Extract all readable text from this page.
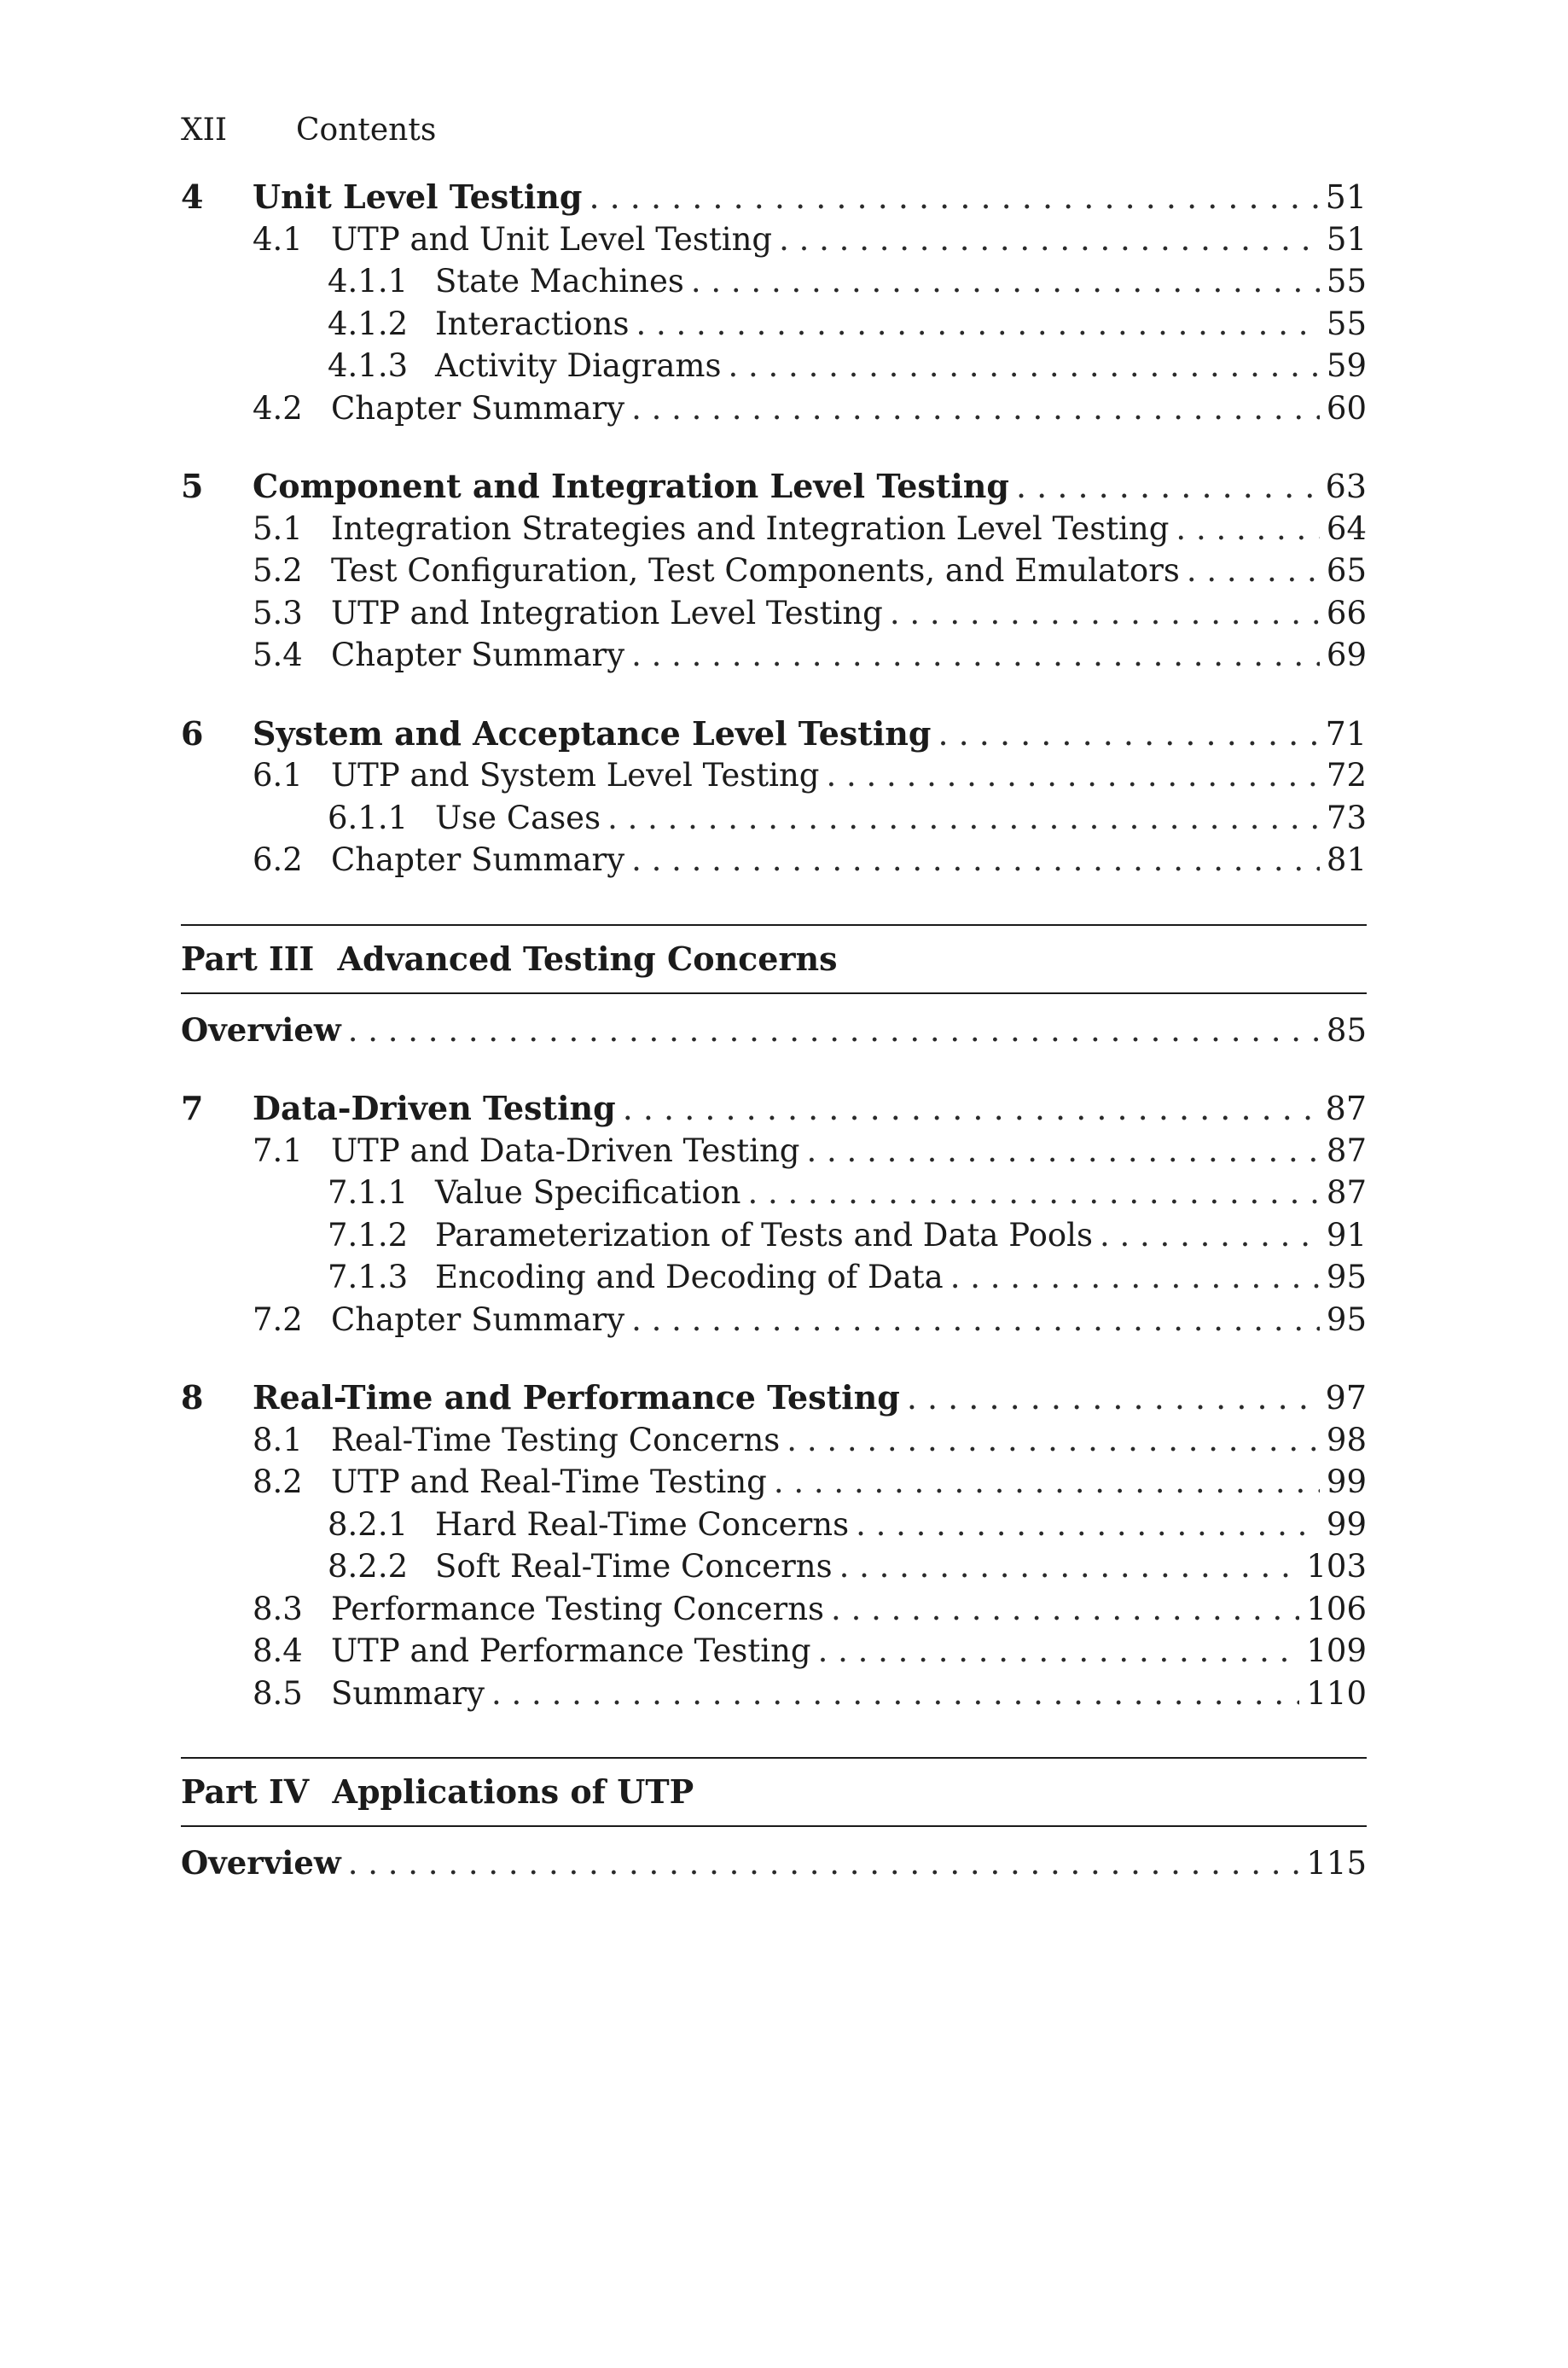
XII	Contents
4	Unit Level Testing . . .	51
4.1 UTP and Unit Level Testing . . .	51
4.1.1 State Machines . . .	55
4.1.2 Interactions . . .	55
4.1.3 Activity Diagrams . . .	59
4.2 Chapter Summary . . .	60
5	Component and Integration Level Testing . . .	63
5.1 Integration Strategies and Integration Level Testing . . .	64
5.2 Test Configuration, Test Components, and Emulators . . .	65
5.3 UTP and Integration Level Testing . . .	66
5.4 Chapter Summary . . .	69
6	System and Acceptance Level Testing . . .	71
6.1 UTP and System Level Testing . . .	72
6.1.1 Use Cases . . .	73
6.2 Chapter Summary . . .	81
Part III Advanced Testing Concerns
Overview . . .	85
7	Data-Driven Testing . . .	87
7.1 UTP and Data-Driven Testing . . .	87
7.1.1 Value Specification . . .	87
7.1.2 Parameterization of Tests and Data Pools . . .	91
7.1.3 Encoding and Decoding of Data . . .	95
7.2 Chapter Summary . . .	95
8	Real-Time and Performance Testing . . .	97
8.1 Real-Time Testing Concerns . . .	98
8.2 UTP and Real-Time Testing . . .	99
8.2.1 Hard Real-Time Concerns . . .	99
8.2.2 Soft Real-Time Concerns . . .	103
8.3 Performance Testing Concerns . . .	106
8.4 UTP and Performance Testing . . .	109
8.5 Summary . . .	110
Part IV Applications of UTP
Overview . . .	115
